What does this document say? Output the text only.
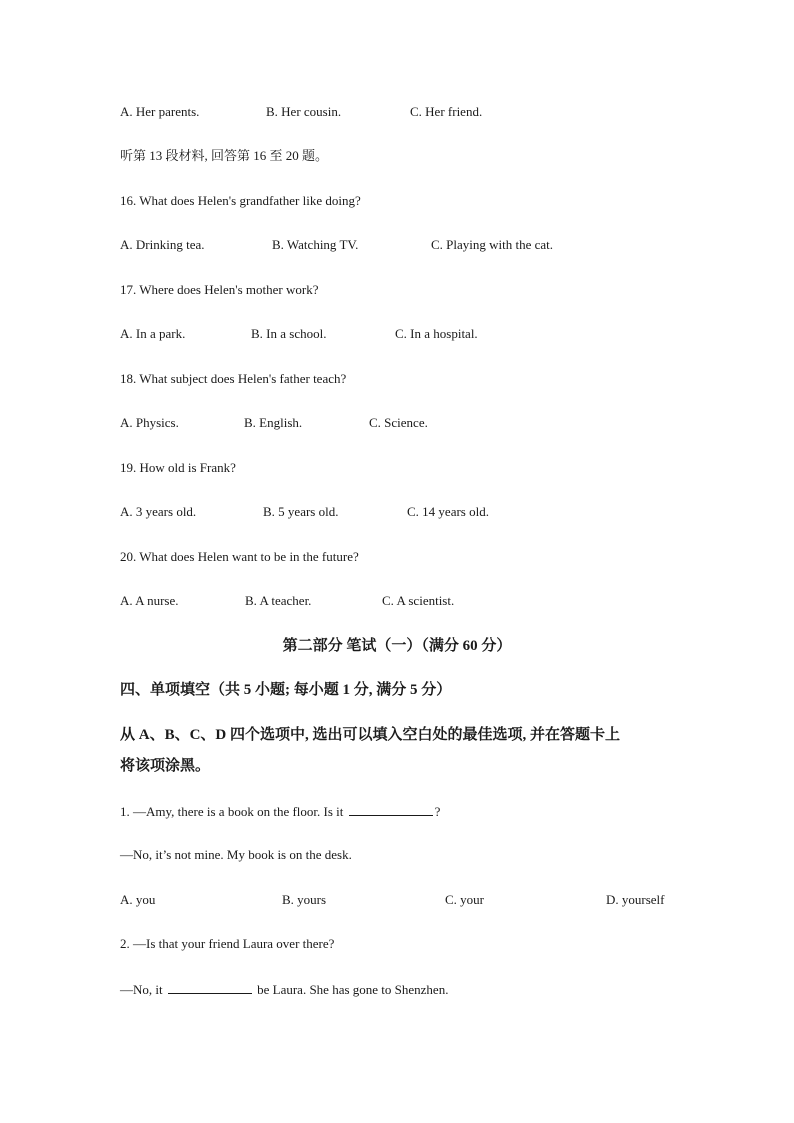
A. Her parents.	B. Her cousin.	C. Her friend.
听第 13 段材料, 回答第 16 至 20 题。
16. What does Helen's grandfather like doing?
A. Drinking tea.	B. Watching TV.	C. Playing with the cat.
17. Where does Helen's mother work?
A. In a park.	B. In a school.	C. In a hospital.
18. What subject does Helen's father teach?
A. Physics.	B. English.	C. Science.
19. How old is Frank?
A. 3 years old.	B. 5 years old.	C. 14 years old.
20. What does Helen want to be in the future?
A. A nurse.	B. A teacher.	C. A scientist.
第二部分 笔试（一）（满分 60 分）
四、单项填空（共 5 小题; 每小题 1 分, 满分 5 分）
从 A、B、C、D 四个选项中, 选出可以填入空白处的最佳选项, 并在答题卡上
将该项涂黑。
1. —Amy, there is a book on the floor. Is it	?
—No, it’s not mine. My book is on the desk.
A. you	B. yours	C. your	D. yourself
2. —Is that your friend Laura over there?
—No, it	be Laura. She has gone to Shenzhen.
